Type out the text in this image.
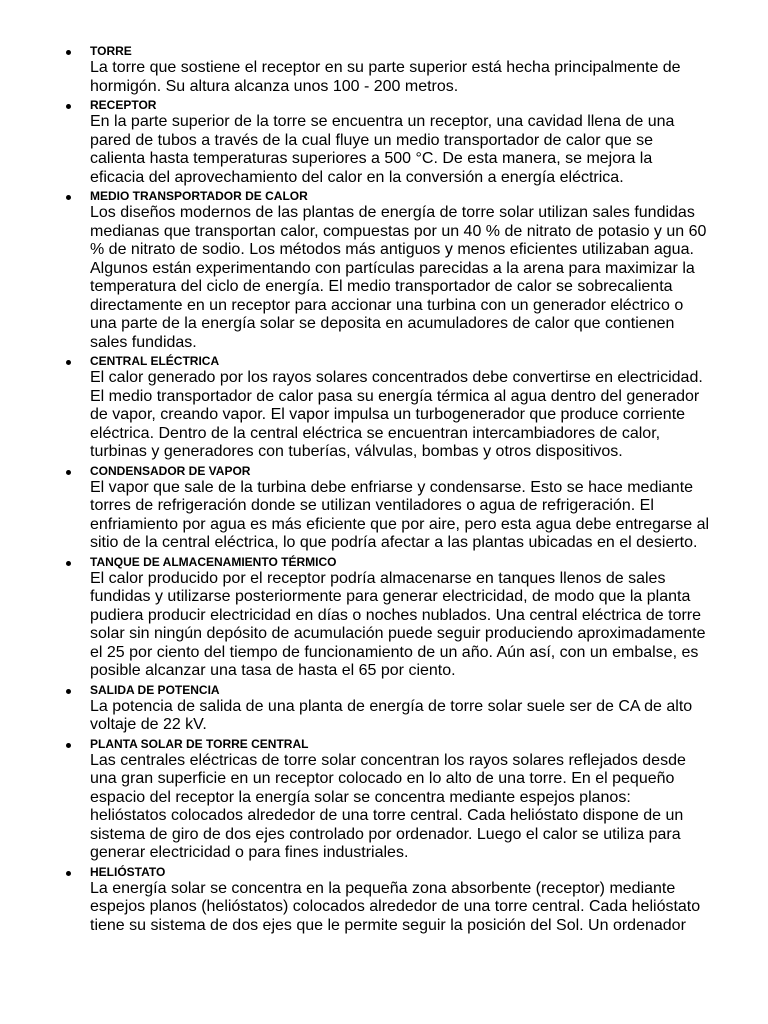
TORRE
La torre que sostiene el receptor en su parte superior está hecha principalmente de
hormigón. Su altura alcanza unos 100 - 200 metros.
RECEPTOR
En la parte superior de la torre se encuentra un receptor, una cavidad llena de una
pared de tubos a través de la cual fluye un medio transportador de calor que se
calienta hasta temperaturas superiores a 500 °C. De esta manera, se mejora la
eficacia del aprovechamiento del calor en la conversión a energía eléctrica.
MEDIO TRANSPORTADOR DE CALOR
Los diseños modernos de las plantas de energía de torre solar utilizan sales fundidas
medianas que transportan calor, compuestas por un 40 % de nitrato de potasio y un 60
% de nitrato de sodio. Los métodos más antiguos y menos eficientes utilizaban agua.
Algunos están experimentando con partículas parecidas a la arena para maximizar la
temperatura del ciclo de energía. El medio transportador de calor se sobrecalienta
directamente en un receptor para accionar una turbina con un generador eléctrico o
una parte de la energía solar se deposita en acumuladores de calor que contienen
sales fundidas.
CENTRAL ELÉCTRICA
El calor generado por los rayos solares concentrados debe convertirse en electricidad.
El medio transportador de calor pasa su energía térmica al agua dentro del generador
de vapor, creando vapor. El vapor impulsa un turbogenerador que produce corriente
eléctrica. Dentro de la central eléctrica se encuentran intercambiadores de calor,
turbinas y generadores con tuberías, válvulas, bombas y otros dispositivos.
CONDENSADOR DE VAPOR
El vapor que sale de la turbina debe enfriarse y condensarse. Esto se hace mediante
torres de refrigeración donde se utilizan ventiladores o agua de refrigeración. El
enfriamiento por agua es más eficiente que por aire, pero esta agua debe entregarse al
sitio de la central eléctrica, lo que podría afectar a las plantas ubicadas en el desierto.
TANQUE DE ALMACENAMIENTO TÉRMICO
El calor producido por el receptor podría almacenarse en tanques llenos de sales
fundidas y utilizarse posteriormente para generar electricidad, de modo que la planta
pudiera producir electricidad en días o noches nublados. Una central eléctrica de torre
solar sin ningún depósito de acumulación puede seguir produciendo aproximadamente
el 25 por ciento del tiempo de funcionamiento de un año. Aún así, con un embalse, es
posible alcanzar una tasa de hasta el 65 por ciento.
SALIDA DE POTENCIA
La potencia de salida de una planta de energía de torre solar suele ser de CA de alto
voltaje de 22 kV.
PLANTA SOLAR DE TORRE CENTRAL
Las centrales eléctricas de torre solar concentran los rayos solares reflejados desde
una gran superficie en un receptor colocado en lo alto de una torre. En el pequeño
espacio del receptor la energía solar se concentra mediante espejos planos:
helióstatos colocados alrededor de una torre central. Cada helióstato dispone de un
sistema de giro de dos ejes controlado por ordenador. Luego el calor se utiliza para
generar electricidad o para fines industriales.
HELIÓSTATO
La energía solar se concentra en la pequeña zona absorbente (receptor) mediante
espejos planos (helióstatos) colocados alrededor de una torre central. Cada helióstato
tiene su sistema de dos ejes que le permite seguir la posición del Sol. Un ordenador
